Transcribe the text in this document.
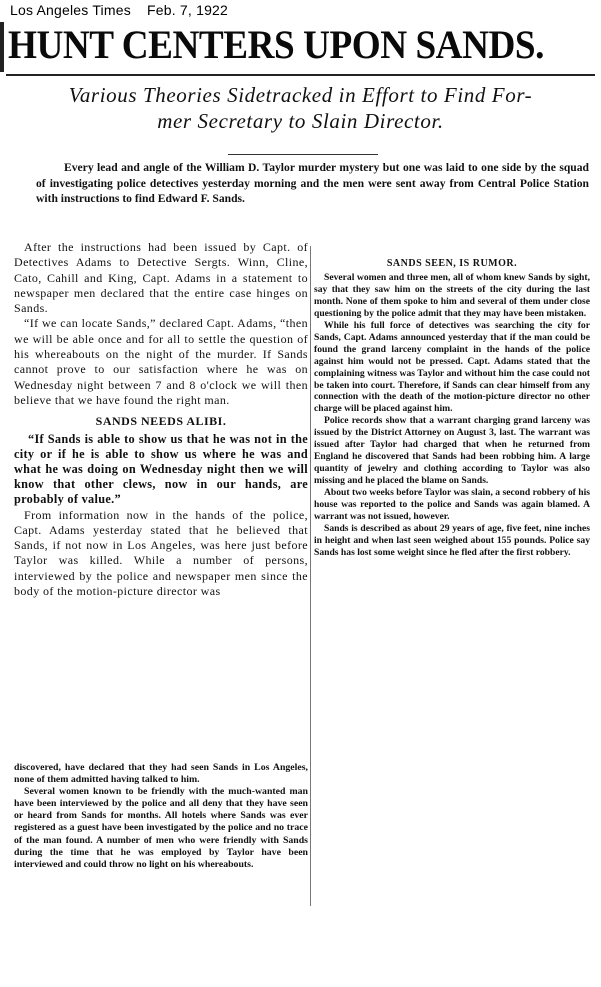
Los Angeles Times Feb. 7, 1922
HUNT CENTERS UPON SANDS.
Various Theories Sidetracked in Effort to Find For-
mer Secretary to Slain Director.
Every lead and angle of the William D. Taylor murder mystery but one was laid to one side by the squad of investigating police detectives yesterday morning and the men were sent away from Central Police Station with instructions to find Edward F. Sands.

After the instructions had been issued by Capt. of Detectives Adams to Detective Sergts. Winn, Cline, Cato, Cahill and King, Capt. Adams in a statement to newspaper men declared that the entire case hinges on Sands.

“If we can locate Sands,” declared Capt. Adams, “then we will be able once and for all to settle the question of his whereabouts on the night of the murder. If Sands cannot prove to our satisfaction where he was on Wednesday night between 7 and 8 o'clock we will then believe that we have found the right man.

SANDS NEEDS ALIBI.

“If Sands is able to show us that he was not in the city or if he is able to show us where he was and what he was doing on Wednesday night then we will know that other clews, now in our hands, are probably of value.”

From information now in the hands of the police, Capt. Adams yesterday stated that he believed that Sands, if not now in Los Angeles, was here just before Taylor was killed. While a number of persons, interviewed by the police and newspaper men since the body of the motion-picture director was

discovered, have declared that they had seen Sands in Los Angeles, none of them admitted having talked to him.

Several women known to be friendly with the much-wanted man have been interviewed by the police and all deny that they have seen or heard from Sands for months. All hotels where Sands was ever registered as a guest have been investigated by the police and no trace of the man found. A number of men who were friendly with Sands during the time that he was employed by Taylor have been interviewed and could throw no light on his whereabouts.

SANDS SEEN, IS RUMOR.

Several women and three men, all of whom knew Sands by sight, say that they saw him on the streets of the city during the last month. None of them spoke to him and several of them under close questioning by the police admit that they may have been mistaken.

While his full force of detectives was searching the city for Sands, Capt. Adams announced yesterday that if the man could be found the grand larceny complaint in the hands of the police against him would not be pressed. Capt. Adams stated that the complaining witness was Taylor and without him the case could not be taken into court. Therefore, if Sands can clear himself from any connection with the death of the motion-picture director no other charge will be placed against him.

Police records show that a warrant charging grand larceny was issued by the District Attorney on August 3, last. The warrant was issued after Taylor had charged that when he returned from England he discovered that Sands had been robbing him. A large quantity of jewelry and clothing according to Taylor was also missing and he placed the blame on Sands.

About two weeks before Taylor was slain, a second robbery of his house was reported to the police and Sands was again blamed. A warrant was not issued, however.

Sands is described as about 29 years of age, five feet, nine inches in height and when last seen weighed about 155 pounds. Police say Sands has lost some weight since he fled after the first robbery.
